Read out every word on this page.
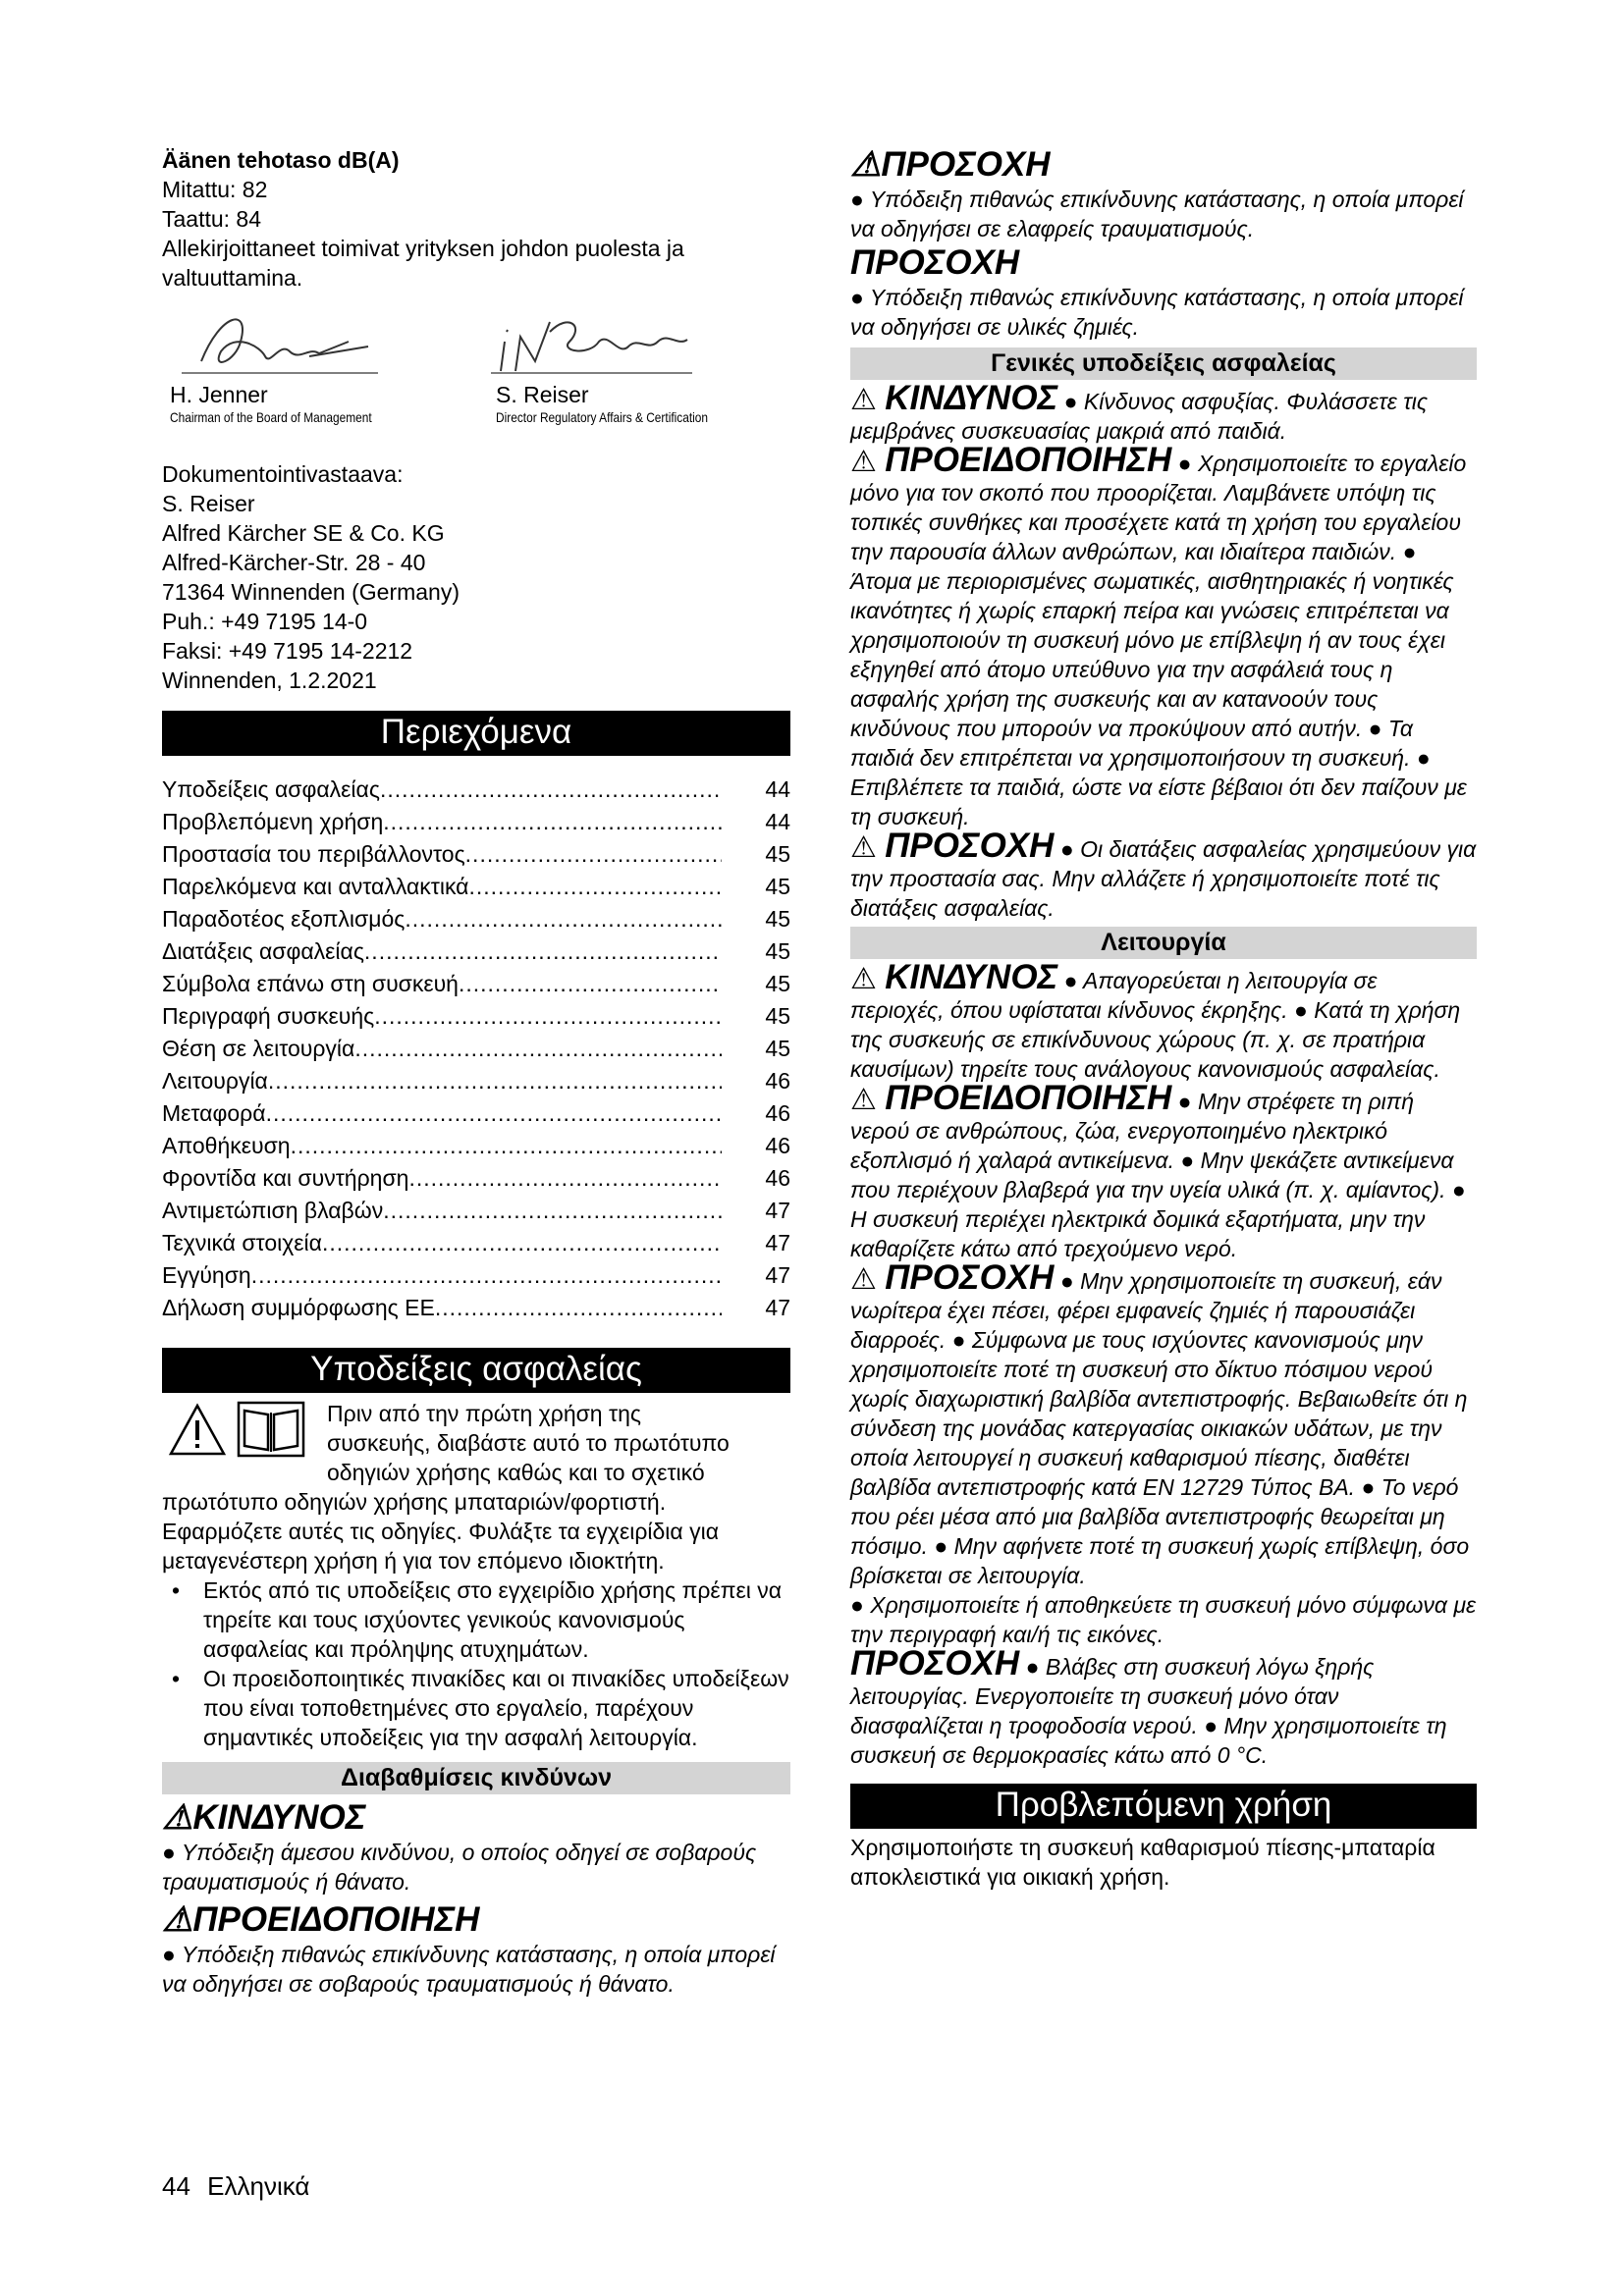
Äänen tehotaso dB(A)

Mitattu: 82

Taattu: 84

Allekirjoittaneet toimivat yrityksen johdon puolesta ja valtuuttamina.

H. Jenner
Chairman of the Board of Management
S. Reiser
Director Regulatory Affairs & Certification

Dokumentointivastaava:

S. Reiser

Alfred Kärcher SE & Co. KG

Alfred-Kärcher-Str. 28 - 40

71364 Winnenden (Germany)

Puh.: +49 7195 14-0

Faksi: +49 7195 14-2212

Winnenden, 1.2.2021

Περιεχόμενα
Υποδείξεις ασφαλείας .....	44
Προβλεπόμενη χρήση .....	44
Προστασία του περιβάλλοντος .....	45
Παρελκόμενα και ανταλλακτικά .....	45
Παραδοτέος εξοπλισμός .....	45
Διατάξεις ασφαλείας .....	45
Σύμβολα επάνω στη συσκευή .....	45
Περιγραφή συσκευής .....	45
Θέση σε λειτουργία .....	45
Λειτουργία .....	46
Μεταφορά .....	46
Αποθήκευση .....	46
Φροντίδα και συντήρηση .....	46
Αντιμετώπιση βλαβών .....	47
Τεχνικά στοιχεία .....	47
Εγγύηση .....	47
Δήλωση συμμόρφωσης ΕΕ .....	47
Υποδείξεις ασφαλείας

Πριν από την πρώτη χρήση της

συσκευής, διαβάστε αυτό το πρωτότυπο

οδηγιών χρήσης καθώς και το σχετικό

πρωτότυπο οδηγιών χρήσης μπαταριών/φορτιστή. Εφαρμόζετε αυτές τις οδηγίες. Φυλάξτε τα εγχειρίδια για μεταγενέστερη χρήση ή για τον επόμενο ιδιοκτήτη.

•	Εκτός από τις υποδείξεις στο εγχειρίδιο χρήσης πρέπει να τηρείτε και τους ισχύοντες γενικούς κανονισμούς ασφαλείας και πρόληψης ατυχημάτων.
•	Οι προειδοποιητικές πινακίδες και οι πινακίδες υποδείξεων που είναι τοποθετημένες στο εργαλείο, παρέχουν σημαντικές υποδείξεις για την ασφαλή λειτουργία.
Διαβαθμίσεις κινδύνων
⚠ΚΙΝΔΥΝΟΣ

● Υπόδειξη άμεσου κινδύνου, ο οποίος οδηγεί σε σοβαρούς τραυματισμούς ή θάνατο.

⚠ΠΡΟΕΙΔΟΠΟΙΗΣΗ

● Υπόδειξη πιθανώς επικίνδυνης κατάστασης, η οποία μπορεί να οδηγήσει σε σοβαρούς τραυματισμούς ή θάνατο.

⚠ΠΡΟΣΟΧΗ

● Υπόδειξη πιθανώς επικίνδυνης κατάστασης, η οποία μπορεί να οδηγήσει σε ελαφρείς τραυματισμούς.

ΠΡΟΣΟΧΗ

● Υπόδειξη πιθανώς επικίνδυνης κατάστασης, η οποία μπορεί να οδηγήσει σε υλικές ζημιές.

Γενικές υποδείξεις ασφαλείας

⚠ ΚΙΝΔΥΝΟΣ ● Κίνδυνος ασφυξίας. Φυλάσσετε τις μεμβράνες συσκευασίας μακριά από παιδιά.

⚠ ΠΡΟΕΙΔΟΠΟΙΗΣΗ ● Χρησιμοποιείτε το εργαλείο μόνο για τον σκοπό που προορίζεται. Λαμβάνετε υπόψη τις τοπικές συνθήκες και προσέχετε κατά τη χρήση του εργαλείου την παρουσία άλλων ανθρώπων, και ιδιαίτερα παιδιών. ● Άτομα με περιορισμένες σωματικές, αισθητηριακές ή νοητικές ικανότητες ή χωρίς επαρκή πείρα και γνώσεις επιτρέπεται να χρησιμοποιούν τη συσκευή μόνο με επίβλεψη ή αν τους έχει εξηγηθεί από άτομο υπεύθυνο για την ασφάλειά τους η ασφαλής χρήση της συσκευής και αν κατανοούν τους κινδύνους που μπορούν να προκύψουν από αυτήν. ● Τα παιδιά δεν επιτρέπεται να χρησιμοποιήσουν τη συσκευή. ● Επιβλέπετε τα παιδιά, ώστε να είστε βέβαιοι ότι δεν παίζουν με τη συσκευή.

⚠ ΠΡΟΣΟΧΗ ● Οι διατάξεις ασφαλείας χρησιμεύουν για την προστασία σας. Μην αλλάζετε ή χρησιμοποιείτε ποτέ τις διατάξεις ασφαλείας.

Λειτουργία

⚠ ΚΙΝΔΥΝΟΣ ● Απαγορεύεται η λειτουργία σε περιοχές, όπου υφίσταται κίνδυνος έκρηξης. ● Κατά τη χρήση της συσκευής σε επικίνδυνους χώρους (π. χ. σε πρατήρια καυσίμων) τηρείτε τους ανάλογους κανονισμούς ασφαλείας.

⚠ ΠΡΟΕΙΔΟΠΟΙΗΣΗ ● Μην στρέφετε τη ριπή νερού σε ανθρώπους, ζώα, ενεργοποιημένο ηλεκτρικό εξοπλισμό ή χαλαρά αντικείμενα. ● Μην ψεκάζετε αντικείμενα που περιέχουν βλαβερά για την υγεία υλικά (π. χ. αμίαντος). ● Η συσκευή περιέχει ηλεκτρικά δομικά εξαρτήματα, μην την καθαρίζετε κάτω από τρεχούμενο νερό.

⚠ ΠΡΟΣΟΧΗ ● Μην χρησιμοποιείτε τη συσκευή, εάν νωρίτερα έχει πέσει, φέρει εμφανείς ζημιές ή παρουσιάζει διαρροές. ● Σύμφωνα με τους ισχύοντες κανονισμούς μην χρησιμοποιείτε ποτέ τη συσκευή στο δίκτυο πόσιμου νερού χωρίς διαχωριστική βαλβίδα αντεπιστροφής. Βεβαιωθείτε ότι η σύνδεση της μονάδας κατεργασίας οικιακών υδάτων, με την οποία λειτουργεί η συσκευή καθαρισμού πίεσης, διαθέτει βαλβίδα αντεπιστροφής κατά EN 12729 Τύπος BA. ● Το νερό που ρέει μέσα από μια βαλβίδα αντεπιστροφής θεωρείται μη πόσιμο. ● Μην αφήνετε ποτέ τη συσκευή χωρίς επίβλεψη, όσο βρίσκεται σε λειτουργία.

● Χρησιμοποιείτε ή αποθηκεύετε τη συσκευή μόνο σύμφωνα με την περιγραφή και/ή τις εικόνες.

ΠΡΟΣΟΧΗ ● Βλάβες στη συσκευή λόγω ξηρής λειτουργίας. Ενεργοποιείτε τη συσκευή μόνο όταν διασφαλίζεται η τροφοδοσία νερού. ● Μην χρησιμοποιείτε τη συσκευή σε θερμοκρασίες κάτω από 0 °C.

Προβλεπόμενη χρήση

Χρησιμοποιήστε τη συσκευή καθαρισμού πίεσης-μπαταρία αποκλειστικά για οικιακή χρήση.

44 Ελληνικά
